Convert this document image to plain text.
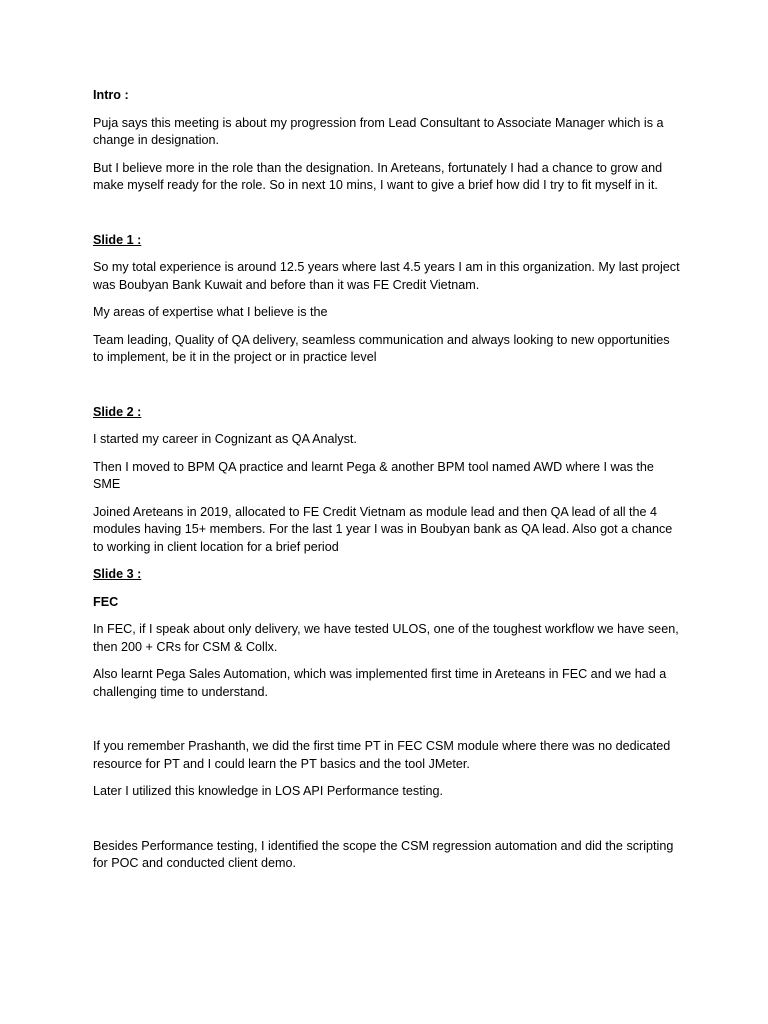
Intro :

Puja says this meeting is about my progression from Lead Consultant to Associate Manager which is a change in designation.

But I believe more in the role than the designation. In Areteans, fortunately I had a chance to grow and make myself ready for the role. So in next 10 mins, I want to give a brief how did I try to fit myself in it.

Slide 1 :

So my total experience is around 12.5 years where last 4.5 years I am in this organization. My last project was Boubyan Bank Kuwait and before than it was FE Credit Vietnam.

My areas of expertise what I believe is the

Team leading, Quality of QA delivery, seamless communication and always looking to new opportunities to implement, be it in the project or in practice level

Slide 2 :

I started my career in Cognizant as QA Analyst.

Then I moved to BPM QA practice and learnt Pega & another BPM tool named AWD where I was the SME

Joined Areteans in 2019, allocated to FE Credit Vietnam as module lead and then QA lead of all the 4 modules having 15+ members. For the last 1 year I was in Boubyan bank as QA lead. Also got a chance to working in client location for a brief period

Slide 3 :

FEC

In FEC, if I speak about only delivery, we have tested ULOS, one of the toughest workflow we have seen, then 200 + CRs for CSM & Collx.

Also learnt Pega Sales Automation, which was implemented first time in Areteans in FEC and we had a challenging time to understand.

If you remember Prashanth, we did the first time PT in FEC CSM module where there was no dedicated resource for PT and I could learn the PT basics and the tool JMeter.

Later I utilized this knowledge in LOS API Performance testing.

Besides Performance testing, I identified the scope the CSM regression automation and did the scripting for POC and conducted client demo.
